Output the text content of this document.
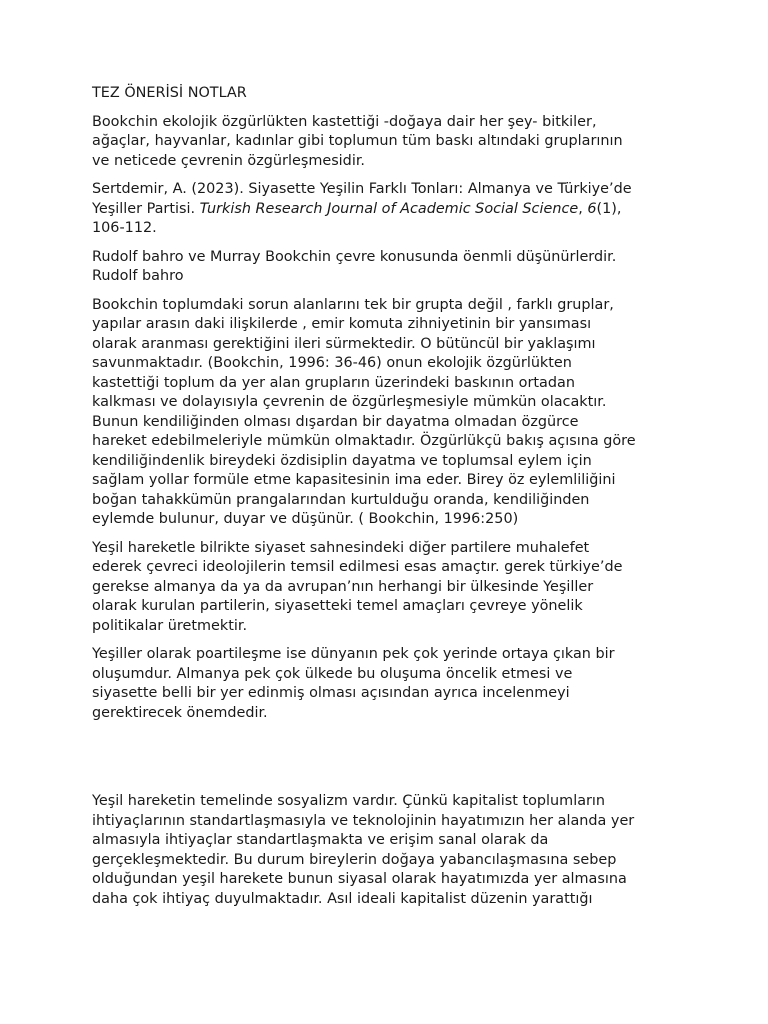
TEZ ÖNERİSİ NOTLAR

Bookchin ekolojik özgürlükten kastettiği -doğaya dair her şey- bitkiler,
ağaçlar, hayvanlar, kadınlar gibi toplumun tüm baskı altındaki gruplarının
ve neticede çevrenin özgürleşmesidir.

Sertdemir, A. (2023). Siyasette Yeşilin Farklı Tonları: Almanya ve Türkiye’de
Yeşiller Partisi. Turkish Research Journal of Academic Social Science, 6(1),
106-112.

Rudolf bahro ve Murray Bookchin çevre konusunda öenmli düşünürlerdir.
Rudolf bahro

Bookchin toplumdaki sorun alanlarını tek bir grupta değil , farklı gruplar,
yapılar arasın daki ilişkilerde , emir komuta zihniyetinin bir yansıması
olarak aranması gerektiğini ileri sürmektedir. O bütüncül bir yaklaşımı
savunmaktadır. (Bookchin, 1996: 36-46) onun ekolojik özgürlükten
kastettiği toplum da yer alan grupların üzerindeki baskının ortadan
kalkması ve dolayısıyla çevrenin de özgürleşmesiyle mümkün olacaktır.
Bunun kendiliğinden olması dışardan bir dayatma olmadan özgürce
hareket edebilmeleriyle mümkün olmaktadır. Özgürlükçü bakış açısına göre
kendiliğindenlik bireydeki özdisiplin dayatma ve toplumsal eylem için
sağlam yollar formüle etme kapasitesinin ima eder. Birey öz eylemliliğini
boğan tahakkümün prangalarından kurtulduğu oranda, kendiliğinden
eylemde bulunur, duyar ve düşünür. ( Bookchin, 1996:250)

Yeşil hareketle bilrikte siyaset sahnesindeki diğer partilere muhalefet
ederek çevreci ideolojilerin temsil edilmesi esas amaçtır. gerek türkiye’de
gerekse almanya da ya da avrupan’nın herhangi bir ülkesinde Yeşiller
olarak kurulan partilerin, siyasetteki temel amaçları çevreye yönelik
politikalar üretmektir.

Yeşiller olarak poartileşme ise dünyanın pek çok yerinde ortaya çıkan bir
oluşumdur. Almanya pek çok ülkede bu oluşuma öncelik etmesi ve
siyasette belli bir yer edinmiş olması açısından ayrıca incelenmeyi
gerektirecek önemdedir.

Yeşil hareketin temelinde sosyalizm vardır. Çünkü kapitalist toplumların
ihtiyaçlarının standartlaşmasıyla ve teknolojinin hayatımızın her alanda yer
almasıyla ihtiyaçlar standartlaşmakta ve erişim sanal olarak da
gerçekleşmektedir. Bu durum bireylerin doğaya yabancılaşmasına sebep
olduğundan yeşil harekete bunun siyasal olarak hayatımızda yer almasına
daha çok ihtiyaç duyulmaktadır. Asıl ideali kapitalist düzenin yarattığı
